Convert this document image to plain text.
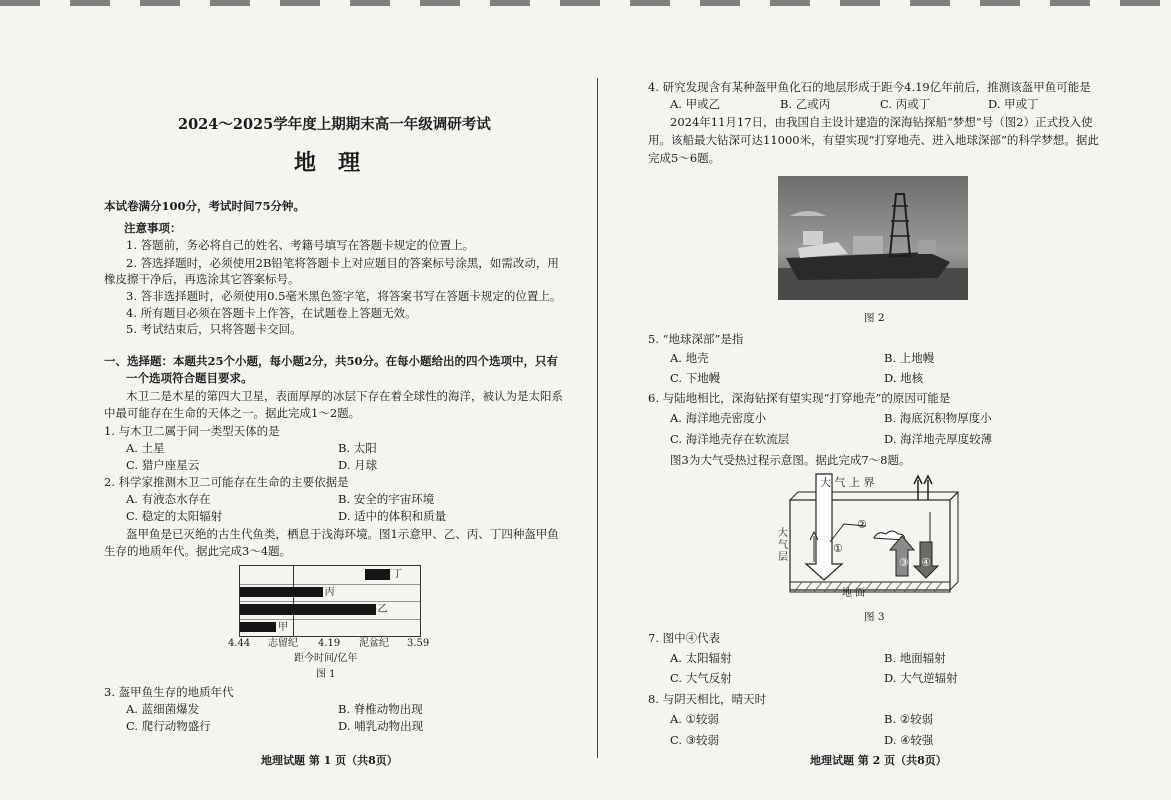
2024～2025学年度上期期末高一年级调研考试
地理
本试卷满分100分，考试时间75分钟。
注意事项：
1. 答题前，务必将自己的姓名、考籍号填写在答题卡规定的位置上。
2. 答选择题时，必须使用2B铅笔将答题卡上对应题目的答案标号涂黑，如需改动，用
橡皮擦干净后，再选涂其它答案标号。
3. 答非选择题时，必须使用0.5毫米黑色签字笔，将答案书写在答题卡规定的位置上。
4. 所有题目必须在答题卡上作答，在试题卷上答题无效。
5. 考试结束后，只将答题卡交回。
一、选择题：本题共25个小题，每小题2分，共50分。在每小题给出的四个选项中，只有
一个选项符合题目要求。
木卫二是木星的第四大卫星，表面厚厚的冰层下存在着全球性的海洋，被认为是太阳系
中最可能存在生命的天体之一。据此完成1～2题。
1. 与木卫二属于同一类型天体的是
A. 土星	B. 太阳
C. 猎户座星云	D. 月球
2. 科学家推测木卫二可能存在生命的主要依据是
A. 有液态水存在	B. 安全的宇宙环境
C. 稳定的太阳辐射	D. 适中的体积和质量
盔甲鱼是已灭绝的古生代鱼类，栖息于浅海环境。图1示意甲、乙、丙、丁四种盔甲鱼
生存的地质年代。据此完成3～4题。
丁
丙
乙
甲
4.44 志留纪 4.19 泥盆纪 3.59
距今时间/亿年
图 1
3. 盔甲鱼生存的地质年代
A. 蓝细菌爆发	B. 脊椎动物出现
C. 爬行动物盛行	D. 哺乳动物出现
地理试题 第 1 页（共8页）
4. 研究发现含有某种盔甲鱼化石的地层形成于距今4.19亿年前后，推测该盔甲鱼可能是
A. 甲或乙	B. 乙或丙	C. 丙或丁	D. 甲或丁
2024年11月17日，由我国自主设计建造的深海钻探船“梦想”号（图2）正式投入使
用。该船最大钻深可达11000米，有望实现“打穿地壳、进入地球深部”的科学梦想。据此
完成5～6题。
图 2
5. “地球深部”是指
A. 地壳	B. 上地幔
C. 下地幔	D. 地核
6. 与陆地相比，深海钻探有望实现“打穿地壳”的原因可能是
A. 海洋地壳密度小	B. 海底沉积物厚度小
C. 海洋地壳存在软流层	D. 海洋地壳厚度较薄
图3为大气受热过程示意图。据此完成7～8题。
大 气 上 界
大气层
①
②
③ ④
地 面
图 3
7. 图中④代表
A. 太阳辐射	B. 地面辐射
C. 大气反射	D. 大气逆辐射
8. 与阴天相比，晴天时
A. ①较弱	B. ②较弱
C. ③较弱	D. ④较强
地理试题 第 2 页（共8页）
